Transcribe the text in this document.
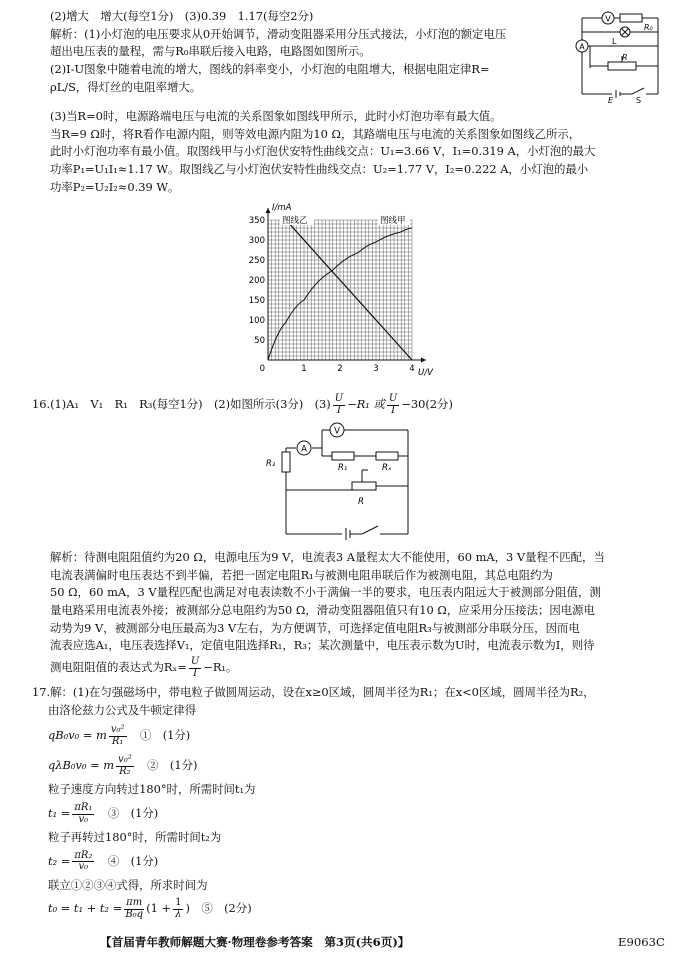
(2)增大　增大(每空1分)　(3)0.39　1.17(每空2分)

解析：(1)小灯泡的电压要求从0开始调节，滑动变阻器采用分压式接法，小灯泡的额定电压

超出电压表的量程，需与R₀串联后接入电路，电路图如图所示。

(2)I-U图象中随着电流的增大，图线的斜率变小，小灯泡的电阻增大，根据电阻定律R=

ρL/S，得灯丝的电阻率增大。

(3)当R=0时，电源路端电压与电流的关系图象如图线甲所示，此时小灯泡功率有最大值。

当R=9 Ω时，将R看作电源内阻，则等效电源内阻为10 Ω，其路端电压与电流的关系图象如图线乙所示，

此时小灯泡功率有最小值。取图线甲与小灯泡伏安特性曲线交点：U₁=3.66 V，I₁=0.319 A，小灯泡的最大

功率P₁=U₁I₁≈1.17 W。取图线乙与小灯泡伏安特性曲线交点：U₂=1.77 V，I₂=0.222 A，小灯泡的最小

功率P₂=U₂I₂≈0.39 W。

V
A
R₀
L
R
E	S
1	2	3	4
50
100
150
200
250
300
350
0
I/mA
U/V
图线甲
图线乙
16.(1)A₁　V₁　R₁　R₃(每空1分)　(2)如图所示(3分)　$(3) \frac{U}{I} -R_1$ 或 $\frac{U}{I} -30(2$分)
V
A
R₃	R₁	Rₓ
R

解析：待测电阻阻值约为20 Ω，电源电压为9 V，电流表3 A量程太大不能使用，60 mA，3 V量程不匹配，当

电流表满偏时电压表达不到半偏，若把一固定电阻R₁与被测电阻串联后作为被测电阻，其总电阻约为

50 Ω，60 mA，3 V量程匹配也满足对电表读数不小于满偏一半的要求，电压表内阻远大于被测部分阻值，测

量电路采用电流表外接；被测部分总电阻约为50 Ω，滑动变阻器阻值只有10 Ω，应采用分压接法；因电源电

动势为9 V，被测部分电压最高为3 V左右，为方便调节，可选择定值电阻R₃与被测部分串联分压，因而电

流表应选A₁，电压表选择V₁，定值电阻选择R₁，R₃；某次测量中，电压表示数为U时，电流表示数为I，则待

测电阻阻值的表达式为$R_x= \frac{U}{I} -R_1$。

17.解：(1)在匀强磁场中，带电粒子做圆周运动，设在x≥0区域，圆周半径为R₁；在x<0区域，圆周半径为R₂，

由洛伦兹力公式及牛顿定律得

qB₀v₀ = m $\frac{\text{v₀²}}{\text{R₁}}$
　 ①　(1分)

qλB₀v₀ = m $\frac{\text{v₀²}}{\text{R₂}}$
　 ②　(1分)

粒子速度方向转过180°时，所需时间t₁为

$t_1 = \frac{\text{πR₁}}{\text{v₀}}$
　 ③　(1分)

粒子再转过180°时，所需时间t₂为

$t_2 = \frac{\text{πR₂}}{\text{v₀}}$
　 ④　(1分)

联立①②③④式得，所求时间为

$t_0 = t_1 + t_2 = \frac{\pi m}{\text{B₀q}} (1 + \frac{1}{\lambda}$ )　 ⑤　(2分)

【首届青年教师解题大赛·物理卷参考答案　第3页(共6页)】	E9063C
